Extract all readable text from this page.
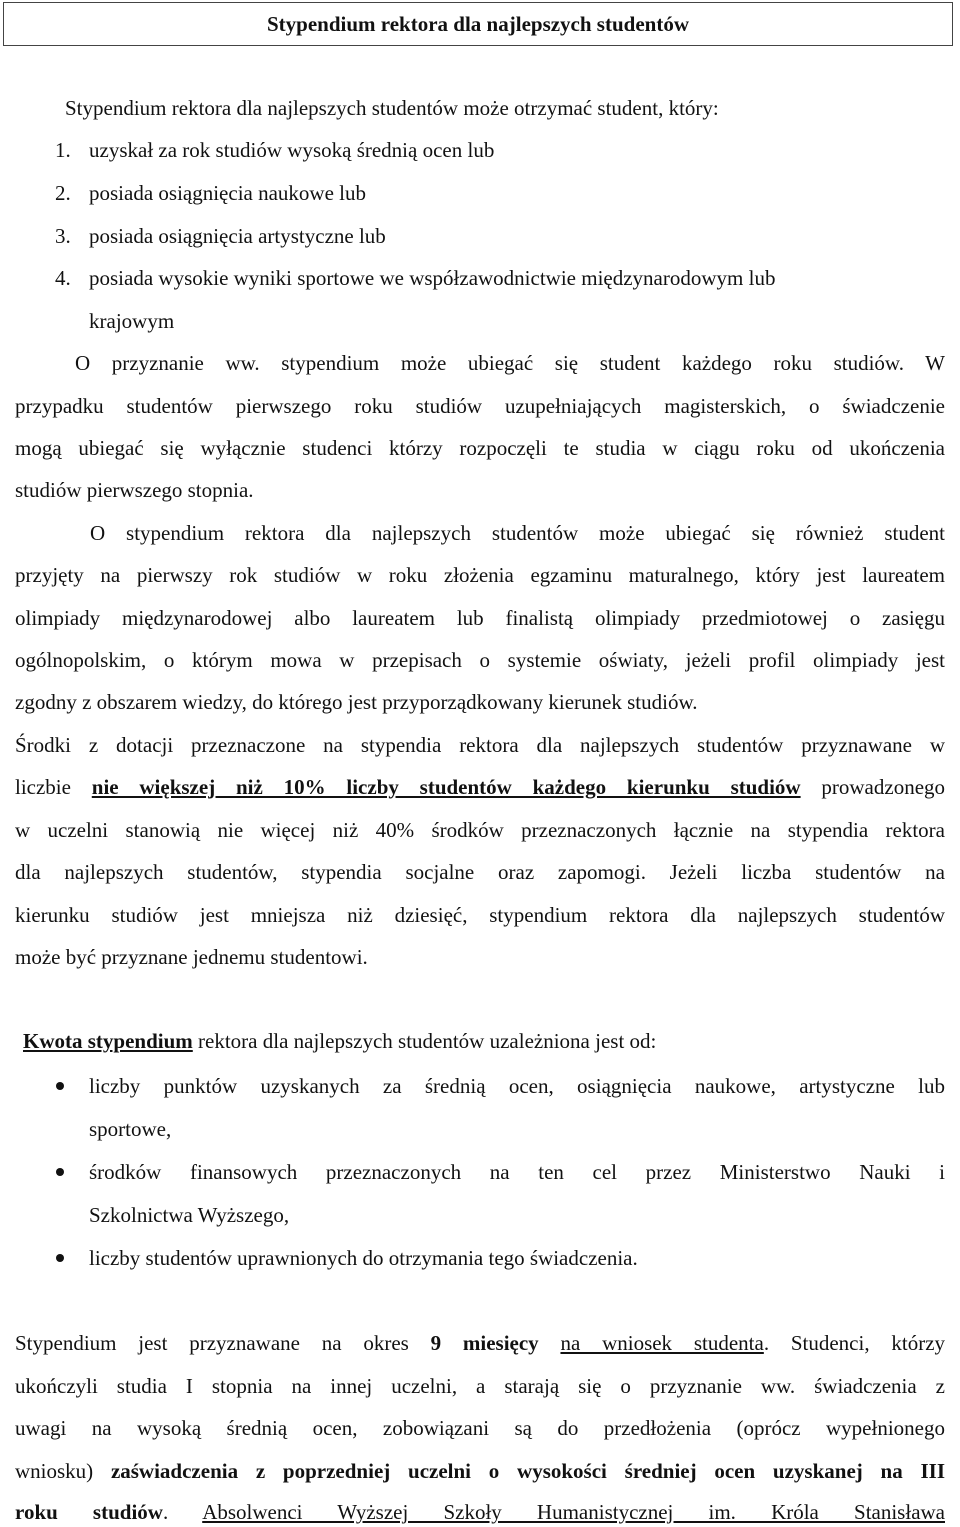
Stypendium rektora dla najlepszych studentów
Stypendium rektora dla najlepszych studentów może otrzymać student, który:
1. uzyskał za rok studiów wysoką średnią ocen lub
2. posiada osiągnięcia naukowe lub
3. posiada osiągnięcia artystyczne lub
4. posiada wysokie wyniki sportowe we współzawodnictwie międzynarodowym lub
krajowym
O przyznanie ww. stypendium może ubiegać się student każdego roku studiów. W
przypadku studentów pierwszego roku studiów uzupełniających magisterskich, o świadczenie
mogą ubiegać się wyłącznie studenci którzy rozpoczęli te studia w ciągu roku od ukończenia
studiów pierwszego stopnia.
O stypendium rektora dla najlepszych studentów może ubiegać się również student
przyjęty na pierwszy rok studiów w roku złożenia egzaminu maturalnego, który jest laureatem
olimpiady międzynarodowej albo laureatem lub finalistą olimpiady przedmiotowej o zasięgu
ogólnopolskim, o którym mowa w przepisach o systemie oświaty, jeżeli profil olimpiady jest
zgodny z obszarem wiedzy, do którego jest przyporządkowany kierunek studiów.
Środki z dotacji przeznaczone na stypendia rektora dla najlepszych studentów przyznawane w
liczbie nie większej niż 10% liczby studentów każdego kierunku studiów prowadzonego
w uczelni stanowią nie więcej niż 40% środków przeznaczonych łącznie na stypendia rektora
dla najlepszych studentów, stypendia socjalne oraz zapomogi. Jeżeli liczba studentów na
kierunku studiów jest mniejsza niż dziesięć, stypendium rektora dla najlepszych studentów
może być przyznane jednemu studentowi.
Kwota stypendium rektora dla najlepszych studentów uzależniona jest od:
liczby punktów uzyskanych za średnią ocen, osiągnięcia naukowe, artystyczne lub
sportowe,
środków finansowych przeznaczonych na ten cel przez Ministerstwo Nauki i
Szkolnictwa Wyższego,
liczby studentów uprawnionych do otrzymania tego świadczenia.
Stypendium jest przyznawane na okres 9 miesięcy na wniosek studenta. Studenci, którzy
ukończyli studia I stopnia na innej uczelni, a starają się o przyznanie ww. świadczenia z
uwagi na wysoką średnią ocen, zobowiązani są do przedłożenia (oprócz wypełnionego
wniosku) zaświadczenia z poprzedniej uczelni o wysokości średniej ocen uzyskanej na III
roku studiów. Absolwenci Wyższej Szkoły Humanistycznej im. Króla Stanisława
